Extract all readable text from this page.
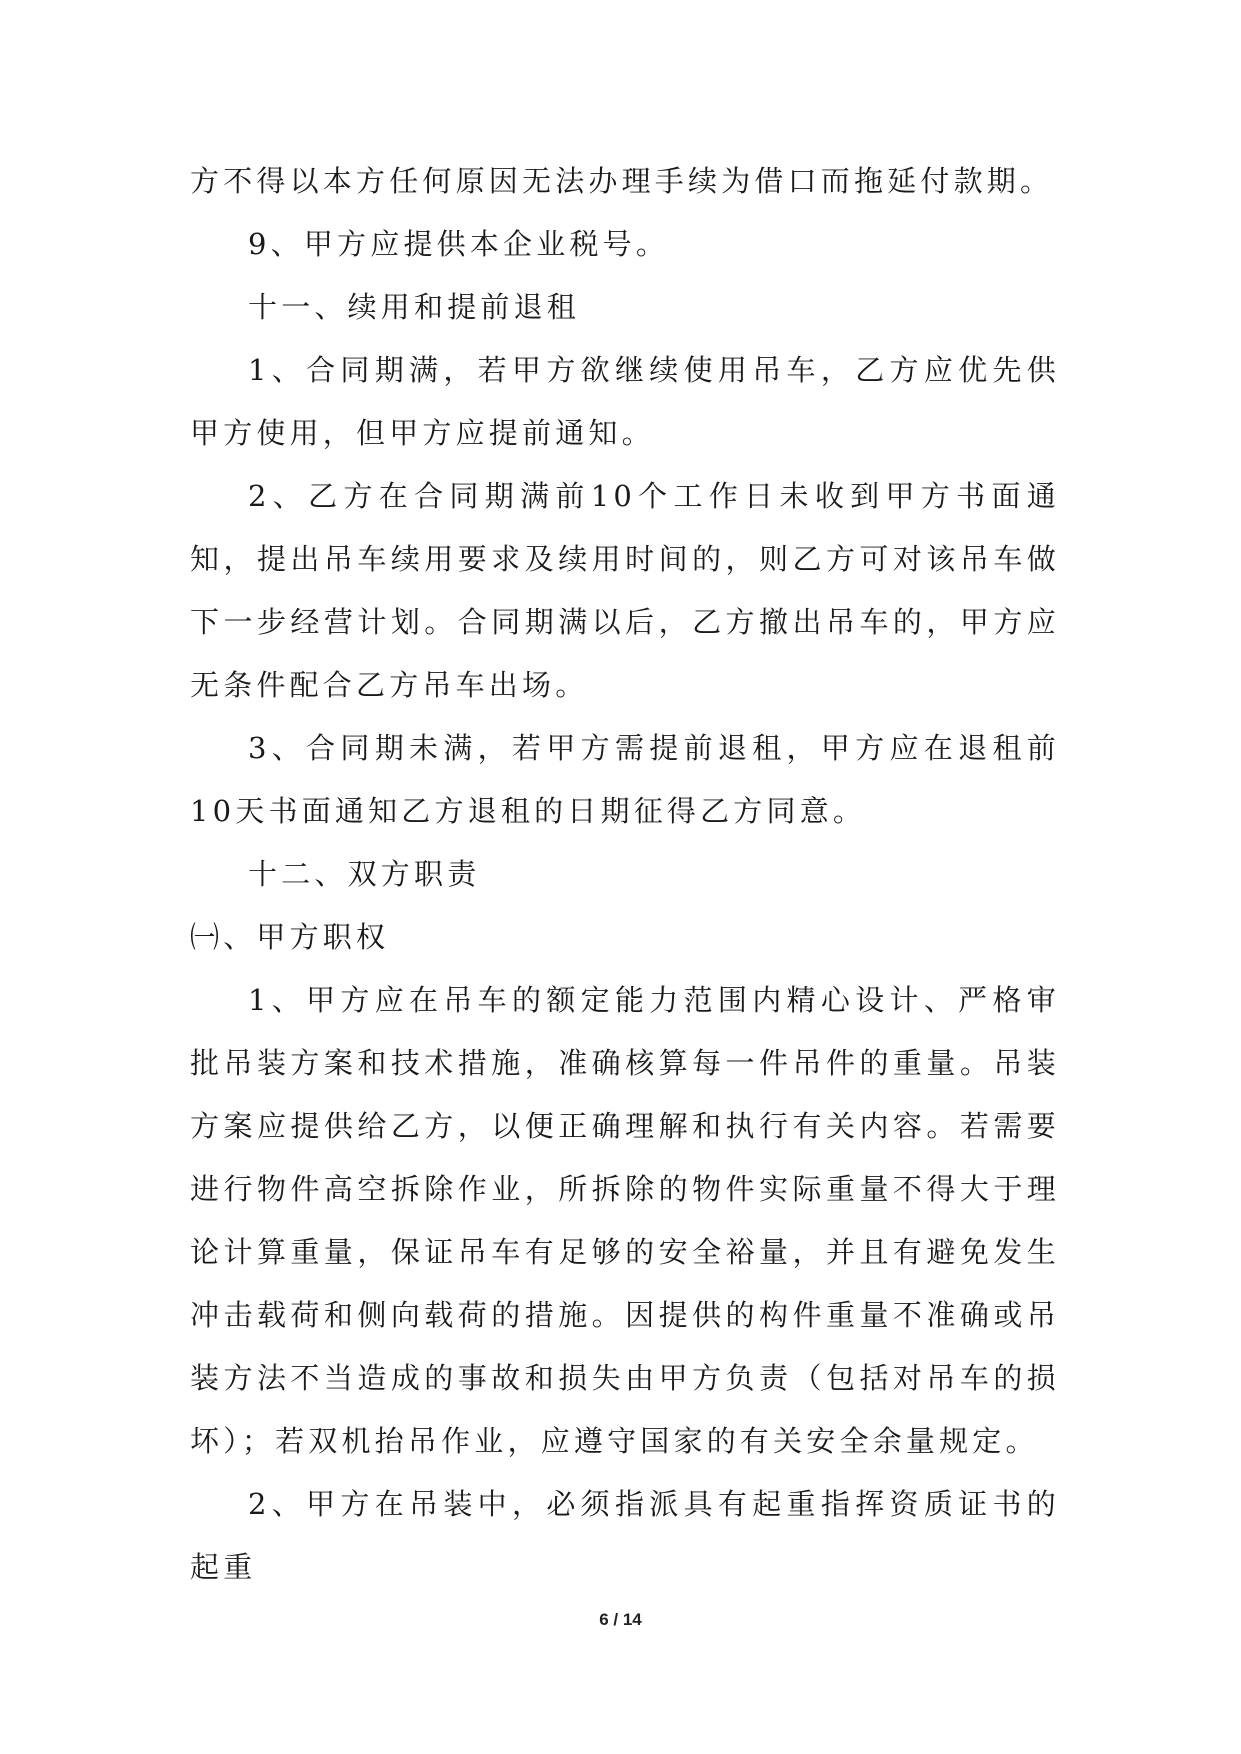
方不得以本方任何原因无法办理手续为借口而拖延付款期。

9、甲方应提供本企业税号。

十一、续用和提前退租

1、合同期满，若甲方欲继续使用吊车，乙方应优先供甲方使用，但甲方应提前通知。

2、乙方在合同期满前10个工作日未收到甲方书面通知，提出吊车续用要求及续用时间的，则乙方可对该吊车做下一步经营计划。合同期满以后，乙方撤出吊车的，甲方应无条件配合乙方吊车出场。

3、合同期未满，若甲方需提前退租，甲方应在退租前10天书面通知乙方退租的日期征得乙方同意。

十二、双方职责

㈠、甲方职权

1、甲方应在吊车的额定能力范围内精心设计、严格审批吊装方案和技术措施，准确核算每一件吊件的重量。吊装方案应提供给乙方，以便正确理解和执行有关内容。若需要进行物件高空拆除作业，所拆除的物件实际重量不得大于理论计算重量，保证吊车有足够的安全裕量，并且有避免发生冲击载荷和侧向载荷的措施。因提供的构件重量不准确或吊装方法不当造成的事故和损失由甲方负责（包括对吊车的损坏）；若双机抬吊作业，应遵守国家的有关安全余量规定。

2、甲方在吊装中，必须指派具有起重指挥资质证书的起重

6 / 14
